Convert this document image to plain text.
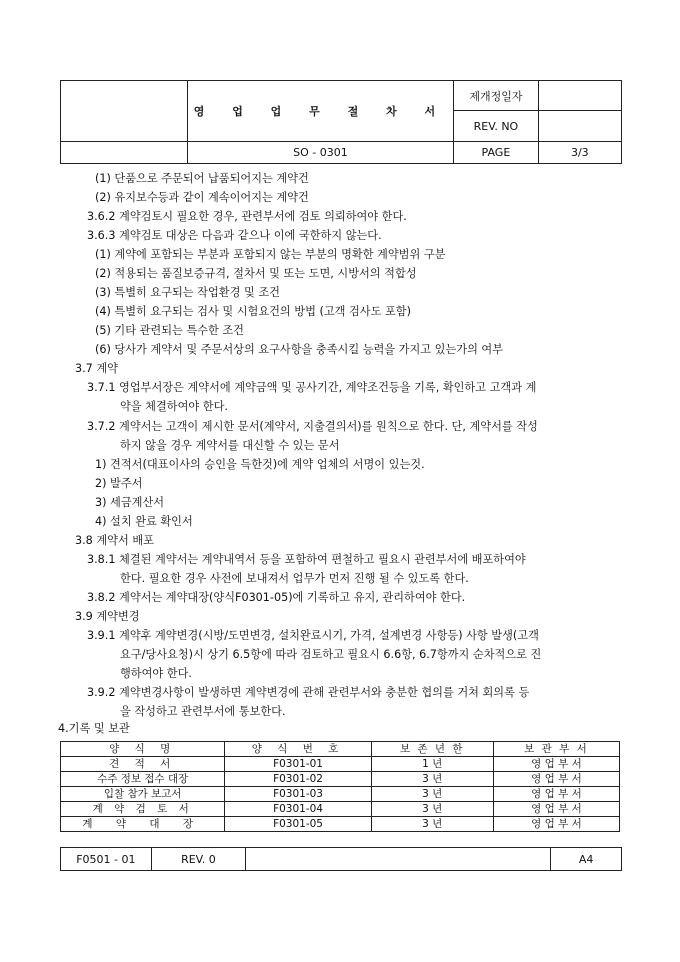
	영 업 업 무 절 차 서	제개정일자	
		REV. NO	
	SO - 0301	PAGE	3/3
(1) 단품으로 주문되어 납품되어지는 계약건
(2) 유지보수등과 같이 계속이어지는 계약건
3.6.2 계약검토시 필요한 경우, 관련부서에 검토 의뢰하여야 한다.
3.6.3 계약검토 대상은 다음과 같으나 이에 국한하지 않는다.
(1) 계약에 포함되는 부분과 포함되지 않는 부분의 명확한 계약범위 구분
(2) 적용되는 품질보증규격, 절차서 및 또는 도면, 시방서의 적합성
(3) 특별히 요구되는 작업환경 및 조건
(4) 특별히 요구되는 검사 및 시험요건의 방법 (고객 검사도 포함)
(5) 기타 관련되는 특수한 조건
(6) 당사가 계약서 및 주문서상의 요구사항을 충족시킬 능력을 가지고 있는가의 여부
3.7 계약
3.7.1 영업부서장은 계약서에 계약금액 및 공사기간, 계약조건등을 기록, 확인하고 고객과 계
약을 체결하여야 한다.
3.7.2 계약서는 고객이 제시한 문서(계약서, 지출결의서)를 원칙으로 한다. 단, 계약서를 작성
하지 않을 경우 계약서를 대신할 수 있는 문서
1) 견적서(대표이사의 승인을 득한것)에 계약 업체의 서명이 있는것.
2) 발주서
3) 세금계산서
4) 설치 완료 확인서
3.8 계약서 배포
3.8.1 체결된 계약서는 계약내역서 등을 포함하여 편철하고 필요시 관련부서에 배포하여야
한다. 필요한 경우 사전에 보내져서 업무가 먼저 진행 될 수 있도록 한다.
3.8.2 계약서는 계약대장(양식F0301-05)에 기록하고 유지, 관리하여야 한다.
3.9 계약변경
3.9.1 계약후 계약변경(시방/도면변경, 설치완료시기, 가격, 설계변경 사항등) 사항 발생(고객
요구/당사요청)시 상기 6.5항에 따라 검토하고 필요시 6.6항, 6.7항까지 순차적으로 진
행하여야 한다.
3.9.2 계약변경사항이 발생하면 계약변경에 관해 관련부서와 충분한 협의를 거쳐 회의록 등
을 작성하고 관련부서에 통보한다.
4.기록 및 보관
양 식 명	양 식 번 호	보 존 년 한	보 관 부 서
견 적 서	F0301-01	1 년	영 업 부 서
수주 정보 접수 대장	F0301-02	3 년	영 업 부 서
입찰 참가 보고서	F0301-03	3 년	영 업 부 서
계 약 검 토 서	F0301-04	3 년	영 업 부 서
계 약 대 장	F0301-05	3 년	영 업 부 서
F0501 - 01	REV. 0		A4
